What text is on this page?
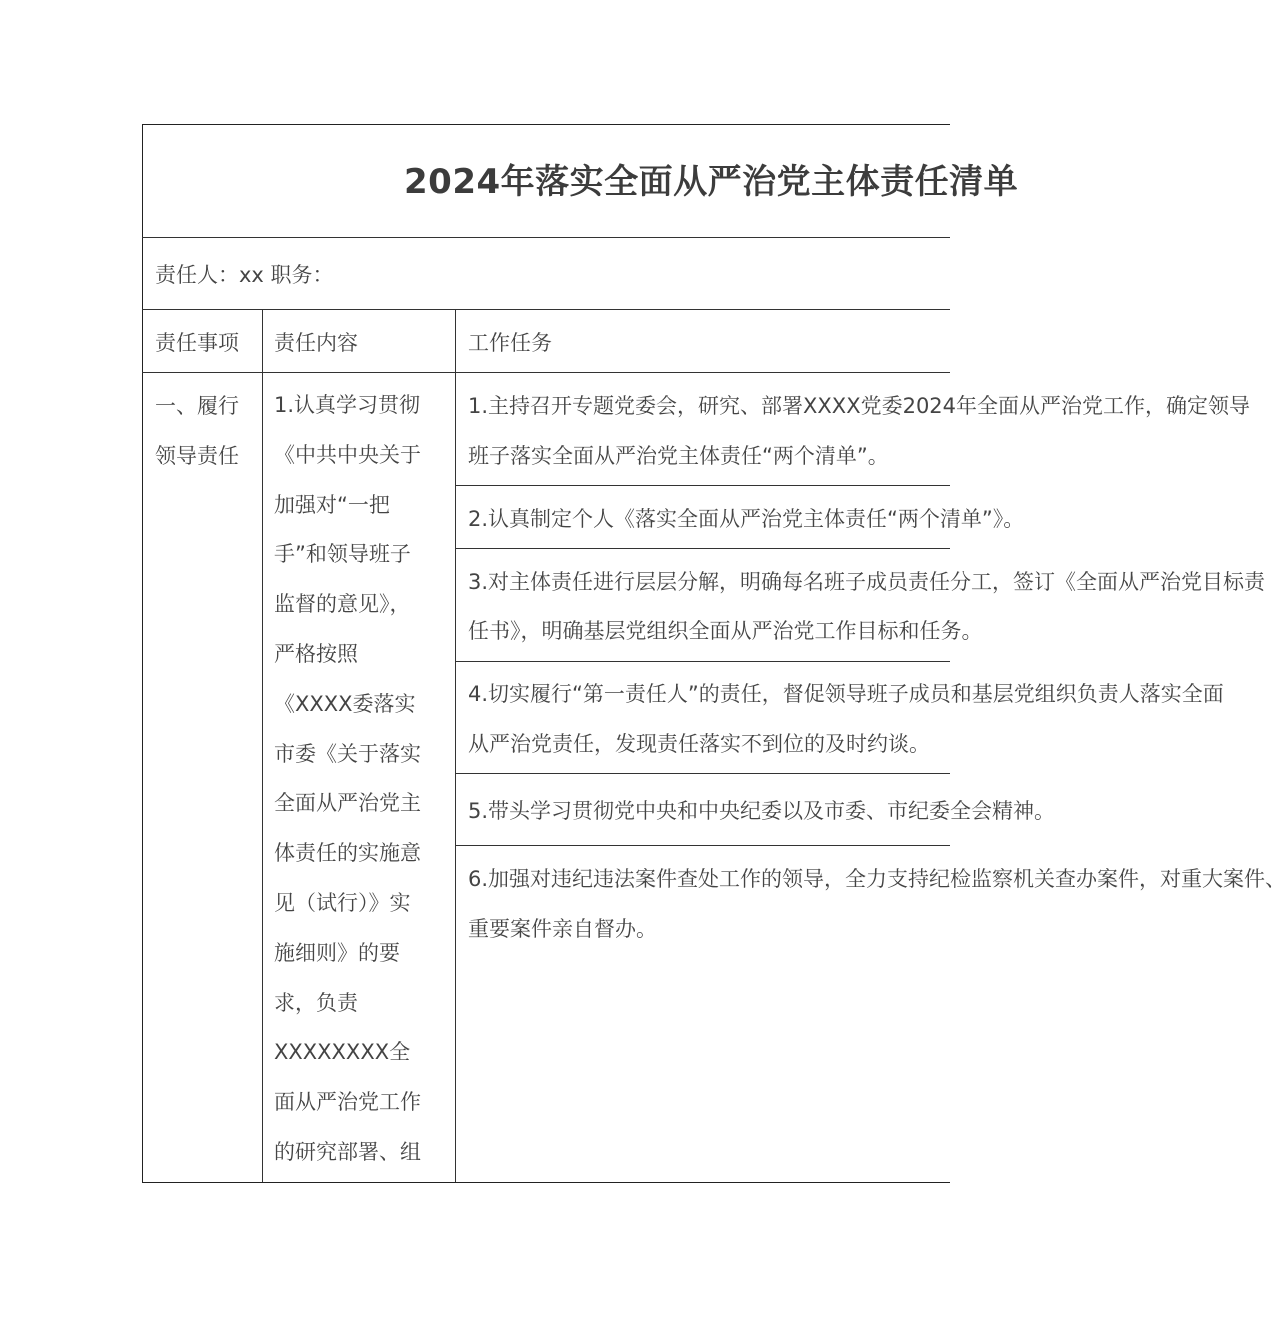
2024年落实全面从严治党主体责任清单
责任人：xx 职务：
责任事项 责任内容	工作任务
一、履行
领导责任
1.认真学习贯彻
《中共中央关于
加强对“一把
手”和领导班子
监督的意见》，
严格按照
《XXXX委落实
市委《关于落实
全面从严治党主
体责任的实施意
见（试行）》实
施细则》的要
求，负责
XXXXXXXX全
面从严治党工作
的研究部署、组
1.主持召开专题党委会，研究、部署XXXX党委2024年全面从严治党工作，确定领导
班子落实全面从严治党主体责任“两个清单”。
2.认真制定个人《落实全面从严治党主体责任“两个清单”》。
3.对主体责任进行层层分解，明确每名班子成员责任分工，签订《全面从严治党目标责
任书》，明确基层党组织全面从严治党工作目标和任务。
4.切实履行“第一责任人”的责任，督促领导班子成员和基层党组织负责人落实全面
从严治党责任，发现责任落实不到位的及时约谈。
5.带头学习贯彻党中央和中央纪委以及市委、市纪委全会精神。
6.加强对违纪违法案件查处工作的领导，全力支持纪检监察机关查办案件，对重大案件、
重要案件亲自督办。
